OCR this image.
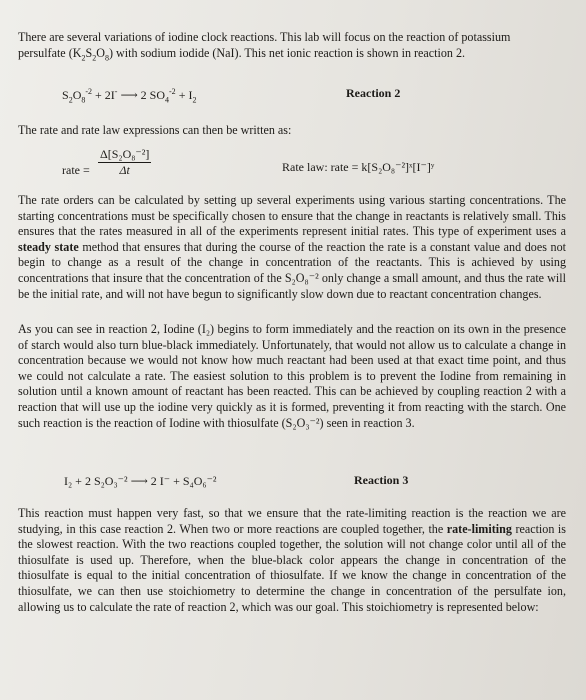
There are several variations of iodine clock reactions. This lab will focus on the reaction of potassium
persulfate $(K_2S_2O_8)$ with sodium iodide (NaI). This net ionic reaction is shown in reaction 2.
$S_2O_8^{-2} + 2I^-$ ⟶ 2 $SO_4^{-2} + I_2$	Reaction 2
The rate and rate law expressions can then be written as:
rate =
Δ[S₂O₈⁻²]
Δt	Rate law: rate = k[S₂O₈⁻²]ˣ[I⁻]ʸ
The rate orders can be calculated by setting up several experiments using various starting concentrations. The starting concentrations must be specifically chosen to ensure that the change in reactants is relatively small. This ensures that the rates measured in all of the experiments represent initial rates. This type of experiment uses a steady state method that ensures that during the course of the reaction the rate is a constant value and does not begin to change as a result of the change in concentration of the reactants. This is achieved by using concentrations that insure that the concentration of the S₂O₈⁻² only change a small amount, and thus the rate will be the initial rate, and will not have begun to significantly slow down due to reactant concentration changes.
As you can see in reaction 2, Iodine (I₂) begins to form immediately and the reaction on its own in the presence of starch would also turn blue-black immediately. Unfortunately, that would not allow us to calculate a change in concentration because we would not know how much reactant had been used at that exact time point, and thus we could not calculate a rate. The easiest solution to this problem is to prevent the Iodine from remaining in solution until a known amount of reactant has been reacted. This can be achieved by coupling reaction 2 with a reaction that will use up the iodine very quickly as it is formed, preventing it from reacting with the starch. One such reaction is the reaction of Iodine with thiosulfate (S₂O₃⁻²) seen in reaction 3.
I₂ + 2 S₂O₃⁻² ⟶ 2 I⁻ + S₄O₆⁻²	Reaction 3
This reaction must happen very fast, so that we ensure that the rate-limiting reaction is the reaction we are studying, in this case reaction 2. When two or more reactions are coupled together, the rate-limiting reaction is the slowest reaction. With the two reactions coupled together, the solution will not change color until all of the thiosulfate is used up. Therefore, when the blue-black color appears the change in concentration of the thiosulfate is equal to the initial concentration of thiosulfate. If we know the change in concentration of the thiosulfate, we can then use stoichiometry to determine the change in concentration of the persulfate ion, allowing us to calculate the rate of reaction 2, which was our goal. This stoichiometry is represented below:
